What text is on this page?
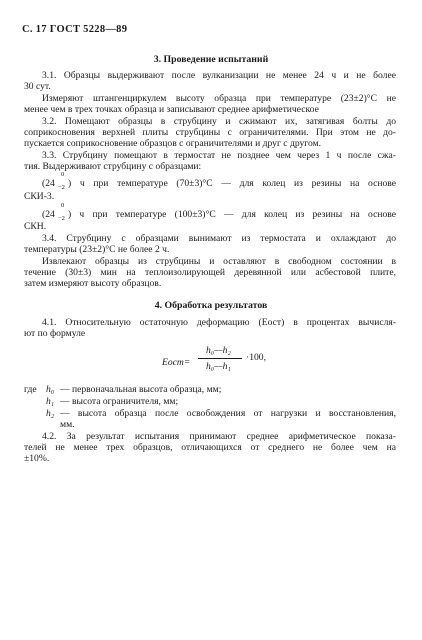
С. 17 ГОСТ 5228—89
3. Проведение испытаний
3.1. Образцы выдерживают после вулканизации не менее 24 ч и не более
30 сут.
Измеряют штангенциркулем высоту образца при температуре (23±2)°С не
менее чем в трех точках образца и записывают среднее арифметическое
3.2. Помещают образцы в струбцину и сжимают их, затягивая болты до
соприкосновения верхней плиты струбцины с ограничителями. При этом не до-
пускается соприкосновение образцов с ограничителями и друг с другом.
3.3. Струбцину помещают в термостат не позднее чем через 1 ч после сжа-
тия. Выдерживают струбцину с образцами:
(24
0
−2 ) ч при температуре (70±3)°С — для колец из резины на основе
СКИ-3.
(24
0
−2 ) ч при температуре (100±3)°С — для колец из резины на основе
СКН.
3.4. Струбцину с образцами вынимают из термостата и охлаждают до
температуры (23±2)°С не более 2 ч.
Извлекают образцы из струбцины и оставляют в свободном состоянии в
течение (30±3) мин на теплоизолирующей деревянной или асбестовой плите,
затем измеряют высоту образцов.
4. Обработка результатов
4.1. Относительную остаточную деформацию (Eост) в процентах вычисля-
ют по формуле
Eост=
h₀—h₂
h₀—h₁
·100,
где h₀ — первоначальная высота образца, мм;
h₁ — высота ограничителя, мм;
h₂ — высота образца после освобождения от нагрузки и восстановления,
мм.
4.2. За результат испытания принимают среднее арифметическое показа-
телей не менее трех образцов, отличающихся от среднего не более чем на
±10%.
